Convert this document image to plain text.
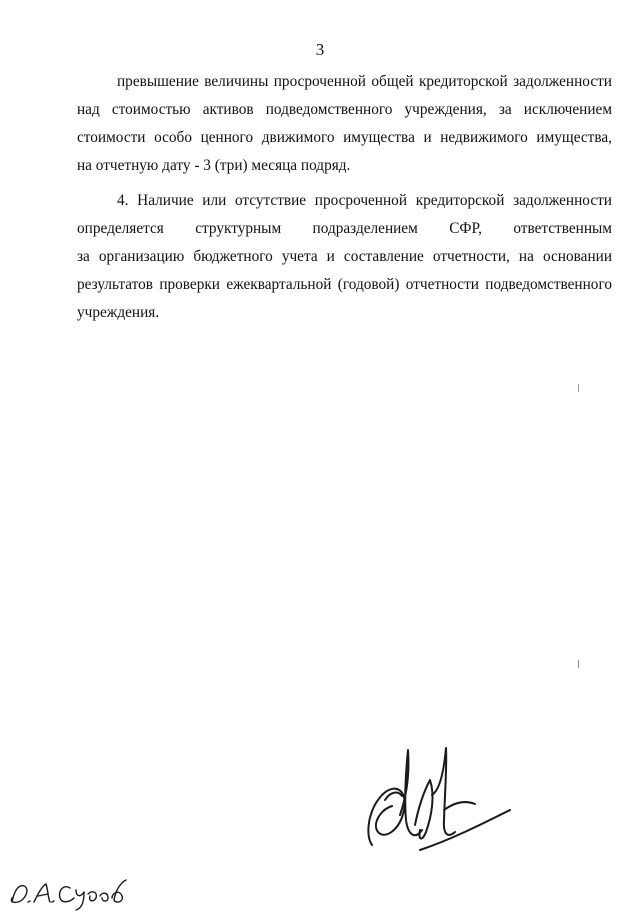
3

превышение величины просроченной общей кредиторской задолженности
над стоимостью активов подведомственного учреждения, за исключением
стоимости особо ценного движимого имущества и недвижимого имущества,
на отчетную дату - 3 (три) месяца подряд.

4. Наличие или отсутствие просроченной кредиторской задолженности
определяется структурным подразделением СФР, ответственным
за организацию бюджетного учета и составление отчетности, на основании
результатов проверки ежеквартальной (годовой) отчетности подведомственного
учреждения.
